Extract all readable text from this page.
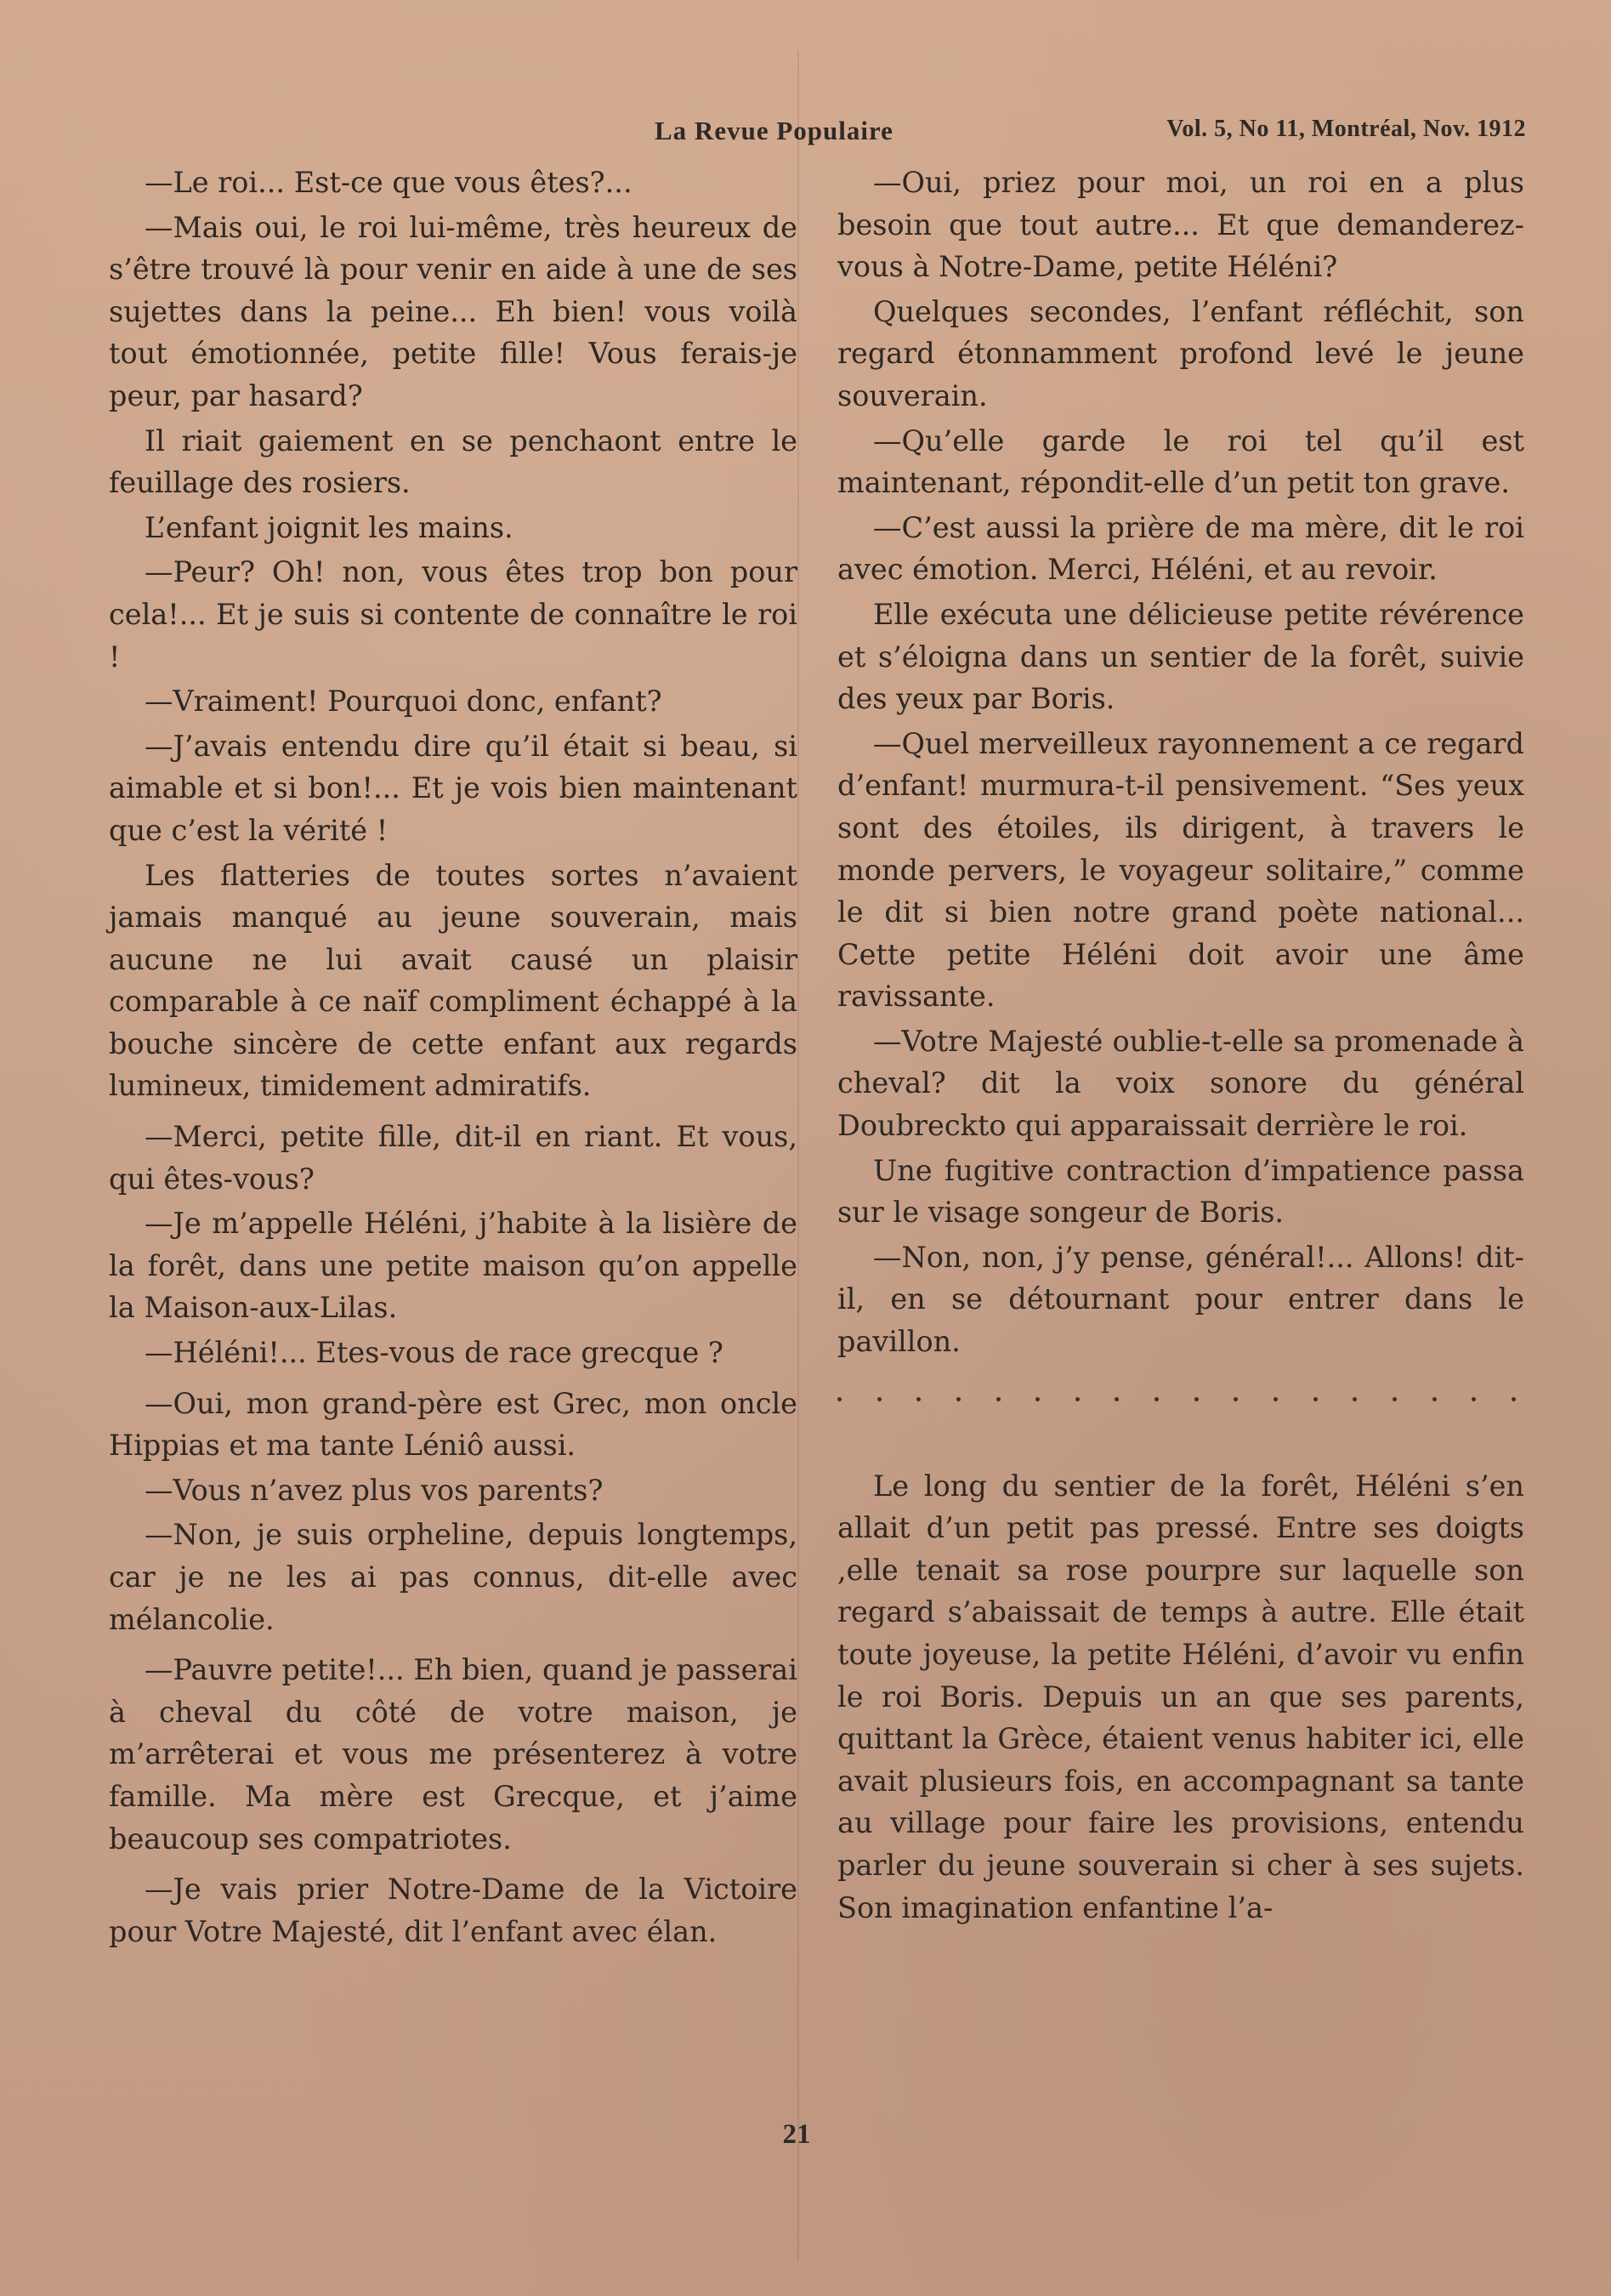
La Revue Populaire	Vol. 5, No 11, Montréal, Nov. 1912

—Le roi... Est-ce que vous êtes?...

—Mais oui, le roi lui-même, très heureux de s’être trouvé là pour venir en aide à une de ses sujettes dans la peine... Eh bien! vous voilà tout émotionnée, petite fille! Vous ferais-je peur, par hasard?

Il riait gaiement en se penchaont entre le feuillage des rosiers.

L’enfant joignit les mains.

—Peur? Oh! non, vous êtes trop bon pour cela!... Et je suis si contente de connaître le roi !

—Vraiment! Pourquoi donc, enfant?

—J’avais entendu dire qu’il était si beau, si aimable et si bon!... Et je vois bien maintenant que c’est la vérité !

Les flatteries de toutes sortes n’avaient jamais manqué au jeune souverain, mais aucune ne lui avait causé un plaisir comparable à ce naïf compliment échappé à la bouche sincère de cette enfant aux regards lumineux, timidement admiratifs.

—Merci, petite fille, dit-il en riant. Et vous, qui êtes-vous?

—Je m’appelle Héléni, j’habite à la lisière de la forêt, dans une petite maison qu’on appelle la Maison-aux-Lilas.

—Héléni!... Etes-vous de race grecque ?

—Oui, mon grand-père est Grec, mon oncle Hippias et ma tante Léniô aussi.

—Vous n’avez plus vos parents?

—Non, je suis orpheline, depuis longtemps, car je ne les ai pas connus, dit-elle avec mélancolie.

—Pauvre petite!... Eh bien, quand je passerai à cheval du côté de votre maison, je m’arrêterai et vous me présenterez à votre famille. Ma mère est Grecque, et j’aime beaucoup ses compatriotes.

—Je vais prier Notre-Dame de la Victoire pour Votre Majesté, dit l’enfant avec élan.

—Oui, priez pour moi, un roi en a plus besoin que tout autre... Et que demanderez-vous à Notre-Dame, petite Héléni?

Quelques secondes, l’enfant réfléchit, son regard étonnamment profond levé le jeune souverain.

—Qu’elle garde le roi tel qu’il est maintenant, répondit-elle d’un petit ton grave.

—C’est aussi la prière de ma mère, dit le roi avec émotion. Merci, Héléni, et au revoir.

Elle exécuta une délicieuse petite révérence et s’éloigna dans un sentier de la forêt, suivie des yeux par Boris.

—Quel merveilleux rayonnement a ce regard d’enfant! murmura-t-il pensivement. “Ses yeux sont des étoiles, ils dirigent, à travers le monde pervers, le voyageur solitaire,” comme le dit si bien notre grand poète national... Cette petite Héléni doit avoir une âme ravissante.

—Votre Majesté oublie-t-elle sa promenade à cheval? dit la voix sonore du général Doubreckto qui apparaissait derrière le roi.

Une fugitive contraction d’impatience passa sur le visage songeur de Boris.

—Non, non, j’y pense, général!... Allons! dit-il, en se détournant pour entrer dans le pavillon.

Le long du sentier de la forêt, Héléni s’en allait d’un petit pas pressé. Entre ses doigts ,elle tenait sa rose pourpre sur laquelle son regard s’abaissait de temps à autre. Elle était toute joyeuse, la petite Héléni, d’avoir vu enfin le roi Boris. Depuis un an que ses parents, quittant la Grèce, étaient venus habiter ici, elle avait plusieurs fois, en accompagnant sa tante au village pour faire les provisions, entendu parler du jeune souverain si cher à ses sujets. Son imagination enfantine l’a-

21
